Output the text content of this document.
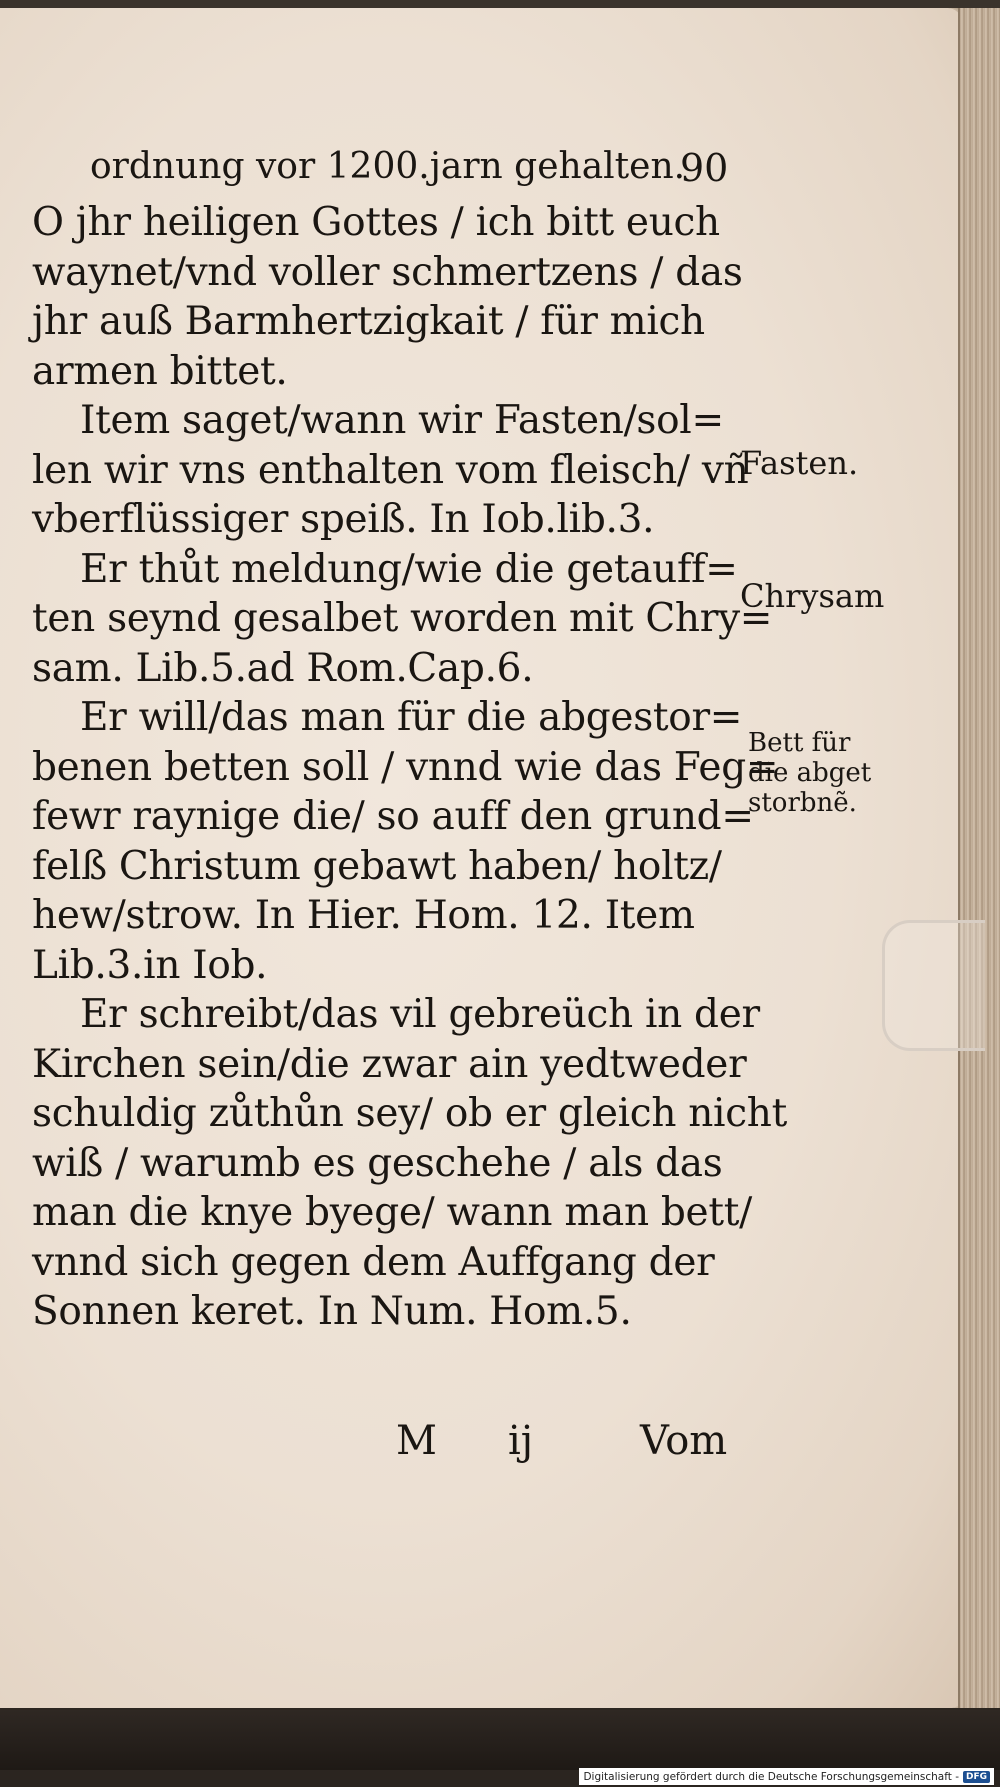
ordnung vor 1200.jarn gehalten.
90
O jhr heiligen Gottes / ich bitt euch
waynet/vnd voller schmertzens / das
jhr auß Barmhertzigkait / für mich
armen bittet.
Item saget/wann wir Fasten/sol=
len wir vns enthalten vom fleisch/ vñ
vberflüssiger speiß. In Iob.lib.3.
Er thůt meldung/wie die getauff=
ten seynd gesalbet worden mit Chry=
sam. Lib.5.ad Rom.Cap.6.
Er will/das man für die abgestor=
benen betten soll / vnnd wie das Feg=
fewr raynige die/ so auff den grund=
felß Christum gebawt haben/ holtz/
hew/strow. In Hier. Hom. 12. Item
Lib.3.in Iob.
Er schreibt/das vil gebreüch in der
Kirchen sein/die zwar ain yedtweder
schuldig zůthůn sey/ ob er gleich nicht
wiß / warumb es geschehe / als das
man die knye byege/ wann man bett/
vnnd sich gegen dem Auffgang der
Sonnen keret. In Num. Hom.5.
Fasten.
Chrysam
Bett für
die abget
storbnẽ.
M ij	Vom
Digitalisierung gefördert durch die Deutsche Forschungsgemeinschaft - DFG
